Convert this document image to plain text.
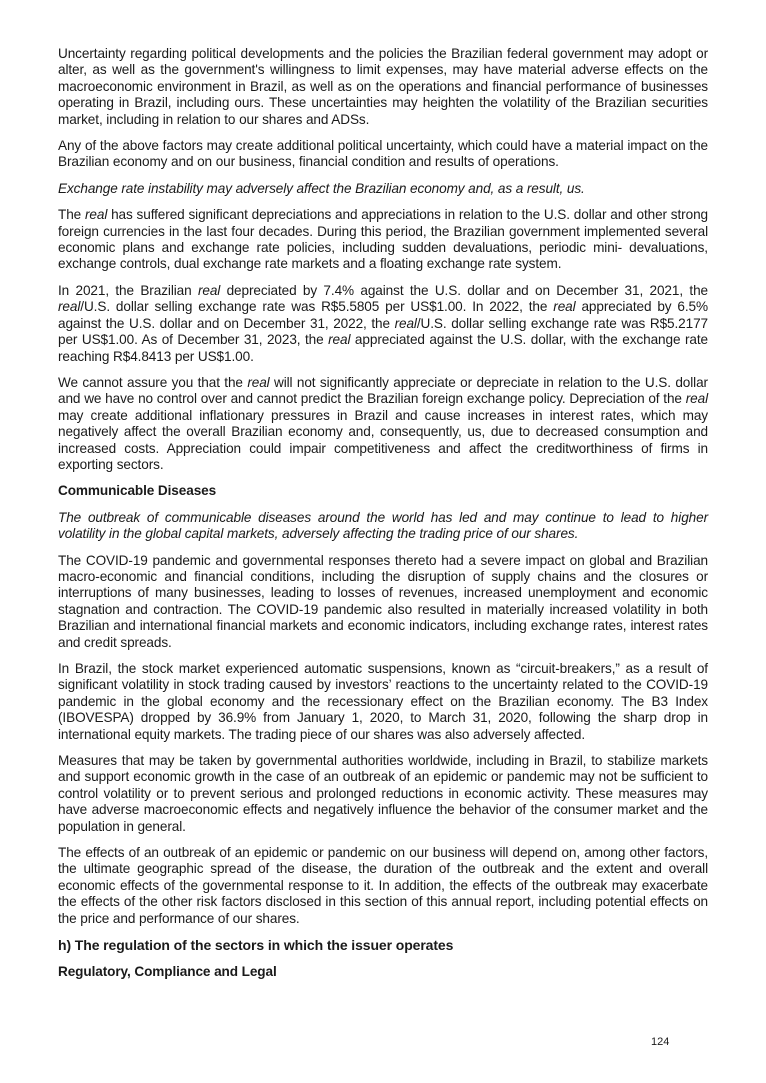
Uncertainty regarding political developments and the policies the Brazilian federal government may adopt or alter, as well as the government's willingness to limit expenses, may have material adverse effects on the macroeconomic environment in Brazil, as well as on the operations and financial performance of businesses operating in Brazil, including ours. These uncertainties may heighten the volatility of the Brazilian securities market, including in relation to our shares and ADSs.

Any of the above factors may create additional political uncertainty, which could have a material impact on the Brazilian economy and on our business, financial condition and results of operations.

Exchange rate instability may adversely affect the Brazilian economy and, as a result, us.

The real has suffered significant depreciations and appreciations in relation to the U.S. dollar and other strong foreign currencies in the last four decades. During this period, the Brazilian government implemented several economic plans and exchange rate policies, including sudden devaluations, periodic mini- devaluations, exchange controls, dual exchange rate markets and a floating exchange rate system.

In 2021, the Brazilian real depreciated by 7.4% against the U.S. dollar and on December 31, 2021, the real/U.S. dollar selling exchange rate was R$5.5805 per US$1.00. In 2022, the real appreciated by 6.5% against the U.S. dollar and on December 31, 2022, the real/U.S. dollar selling exchange rate was R$5.2177 per US$1.00. As of December 31, 2023, the real appreciated against the U.S. dollar, with the exchange rate reaching R$4.8413 per US$1.00.

We cannot assure you that the real will not significantly appreciate or depreciate in relation to the U.S. dollar and we have no control over and cannot predict the Brazilian foreign exchange policy. Depreciation of the real may create additional inflationary pressures in Brazil and cause increases in interest rates, which may negatively affect the overall Brazilian economy and, consequently, us, due to decreased consumption and increased costs. Appreciation could impair competitiveness and affect the creditworthiness of firms in exporting sectors.

Communicable Diseases

The outbreak of communicable diseases around the world has led and may continue to lead to higher volatility in the global capital markets, adversely affecting the trading price of our shares.

The COVID-19 pandemic and governmental responses thereto had a severe impact on global and Brazilian macro-economic and financial conditions, including the disruption of supply chains and the closures or interruptions of many businesses, leading to losses of revenues, increased unemployment and economic stagnation and contraction. The COVID-19 pandemic also resulted in materially increased volatility in both Brazilian and international financial markets and economic indicators, including exchange rates, interest rates and credit spreads.

In Brazil, the stock market experienced automatic suspensions, known as “circuit-breakers,” as a result of significant volatility in stock trading caused by investors’ reactions to the uncertainty related to the COVID-19 pandemic in the global economy and the recessionary effect on the Brazilian economy. The B3 Index (IBOVESPA) dropped by 36.9% from January 1, 2020, to March 31, 2020, following the sharp drop in international equity markets. The trading piece of our shares was also adversely affected.

Measures that may be taken by governmental authorities worldwide, including in Brazil, to stabilize markets and support economic growth in the case of an outbreak of an epidemic or pandemic may not be sufficient to control volatility or to prevent serious and prolonged reductions in economic activity. These measures may have adverse macroeconomic effects and negatively influence the behavior of the consumer market and the population in general.

The effects of an outbreak of an epidemic or pandemic on our business will depend on, among other factors, the ultimate geographic spread of the disease, the duration of the outbreak and the extent and overall economic effects of the governmental response to it. In addition, the effects of the outbreak may exacerbate the effects of the other risk factors disclosed in this section of this annual report, including potential effects on the price and performance of our shares.

h) The regulation of the sectors in which the issuer operates
Regulatory, Compliance and Legal
124
